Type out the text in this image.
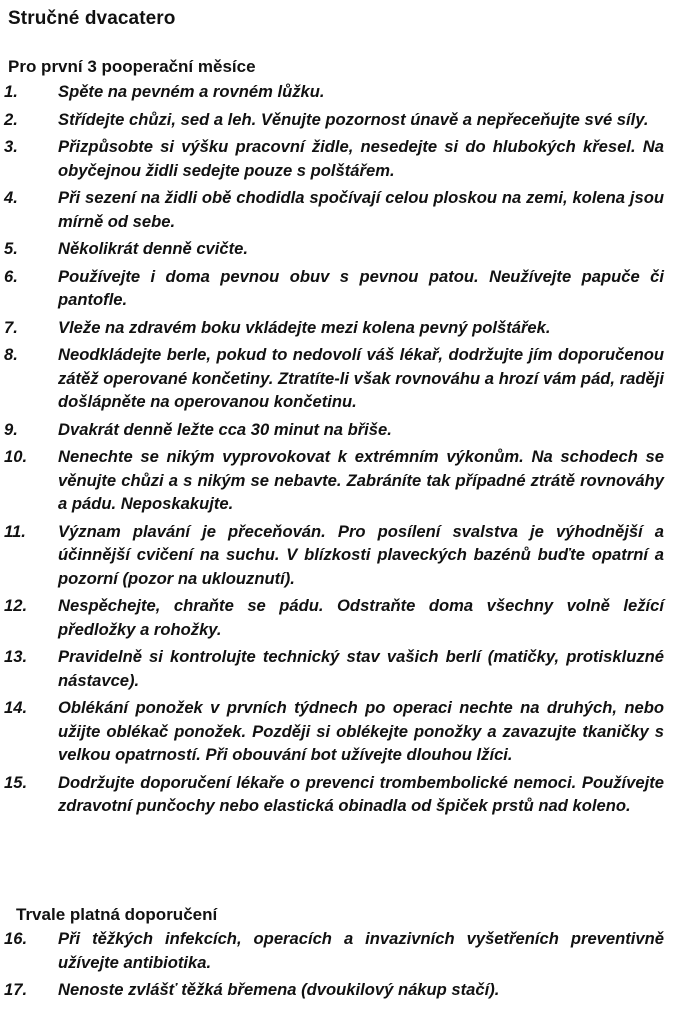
Stručné dvacatero
Pro první 3 pooperační měsíce
1.	Spěte na pevném a rovném lůžku.
2.	Střídejte chůzi, sed a leh. Věnujte pozornost únavě a nepřeceňujte své síly.
3.	Přizpůsobte si výšku pracovní židle, nesedejte si do hlubokých křesel. Na obyčejnou židli sedejte pouze s polštářem.
4.	Při sezení na židli obě chodidla spočívají celou ploskou na zemi, kolena jsou mírně od sebe.
5.	Několikrát denně cvičte.
6.	Používejte i doma pevnou obuv s pevnou patou. Neužívejte papuče či pantofle.
7.	Vleže na zdravém boku vkládejte mezi kolena pevný polštářek.
8.	Neodkládejte berle, pokud to nedovolí váš lékař, dodržujte jím doporučenou zátěž operované končetiny. Ztratíte-li však rovnováhu a hrozí vám pád, raději došlápněte na operovanou končetinu.
9.	Dvakrát denně ležte cca 30 minut na břiše.
10.	Nenechte se nikým vyprovokovat k extrémním výkonům. Na schodech se věnujte chůzi a s nikým se nebavte. Zabráníte tak případné ztrátě rovnováhy a pádu. Neposkakujte.
11.	Význam plavání je přeceňován. Pro posílení svalstva je výhodnější a účinnější cvičení na suchu. V blízkosti plaveckých bazénů buďte opatrní a pozorní (pozor na uklouznutí).
12.	Nespěchejte, chraňte se pádu. Odstraňte doma všechny volně ležící předložky a rohožky.
13.	Pravidelně si kontrolujte technický stav vašich berlí (matičky, protiskluzné nástavce).
14.	Oblékání ponožek v prvních týdnech po operaci nechte na druhých, nebo užijte oblékač ponožek. Později si oblékejte ponožky a zavazujte tkaničky s velkou opatrností. Při obouvání bot užívejte dlouhou lžíci.
15.	Dodržujte doporučení lékaře o prevenci trombembolické nemoci. Používejte zdravotní punčochy nebo elastická obinadla od špiček prstů nad koleno.
Trvale platná doporučení
16.	Při těžkých infekcích, operacích a invazivních vyšetřeních preventivně užívejte antibiotika.
17.	Nenoste zvlášť těžká břemena (dvoukilový nákup stačí).
